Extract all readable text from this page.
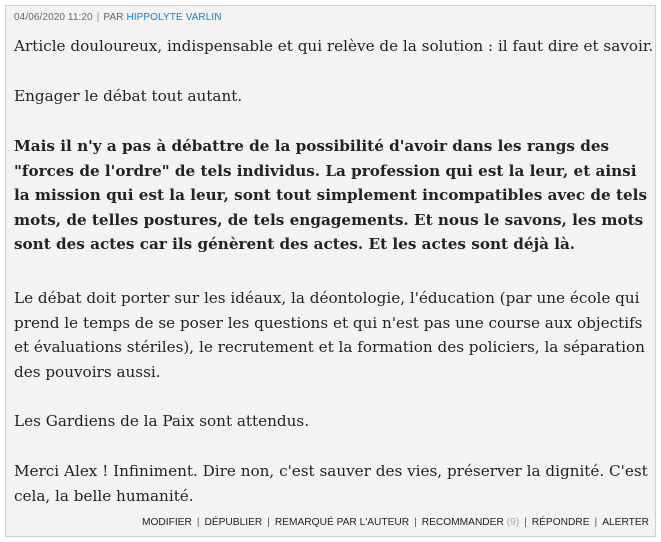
04/06/2020 11:20 | PAR HIPPOLYTE VARLIN

Article douloureux, indispensable et qui relève de la solution : il faut dire et savoir.

Engager le débat tout autant.

Mais il n'y a pas à débattre de la possibilité d'avoir dans les rangs des "forces de l'ordre" de tels individus. La profession qui est la leur, et ainsi la mission qui est la leur, sont tout simplement incompatibles avec de tels mots, de telles postures, de tels engagements. Et nous le savons, les mots sont des actes car ils génèrent des actes. Et les actes sont déjà là.

Le débat doit porter sur les idéaux, la déontologie, l'éducation (par une école qui prend le temps de se poser les questions et qui n'est pas une course aux objectifs et évaluations stériles), le recrutement et la formation des policiers, la séparation des pouvoirs aussi.

Les Gardiens de la Paix sont attendus.

Merci Alex ! Infiniment. Dire non, c'est sauver des vies, préserver la dignité. C'est cela, la belle humanité.

MODIFIER | DÉPUBLIER | REMARQUÉ PAR L'AUTEUR | RECOMMANDER (9) | RÉPONDRE | ALERTER
